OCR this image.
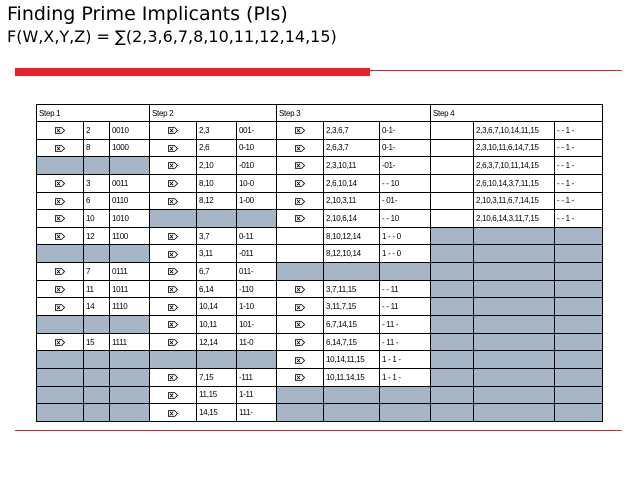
Finding Prime Implicants (PIs)
F(W,X,Y,Z) = ∑(2,3,6,7,8,10,11,12,14,15)
Step 1			Step 2			Step 3			Step 4		
	2	0010		2,3	001-		2,3,6,7	0-1-		2,3,6,7,10,14,11,15	- - 1 -
	8	1000		2,6	0-10		2,6,3,7	0-1-		2,3,10,11,6,14,7,15	- - 1 -
				2,10	-010		2,3,10,11	-01-		2,6,3,7,10,11,14,15	- - 1 -
	3	0011		8,10	10-0		2,6,10,14	- - 10		2,6,10,14,3,7,11,15	- - 1 -
	6	0110		8,12	1-00		2,10,3,11	- 01-		2,10,3,11,6,7,14,15	- - 1 -
	10	1010					2,10,6,14	- - 10		2,10,6,14,3,11,7,15	- - 1 -
	12	1100		3,7	0-11		8,10,12,14	1 - - 0			
				3,11	-011		8,12,10,14	1 - - 0			
	7	0111		6,7	011-						
	11	1011		6,14	-110		3,7,11,15	- - 11			
	14	1110		10,14	1-10		3,11,7,15	- - 11			
				10,11	101-		6,7,14,15	- 11 -			
	15	1111		12,14	11-0		6,14,7,15	- 11 -			
							10,14,11,15	1 - 1 -			
				7,15	-111		10,11,14,15	1 - 1 -			
				11,15	1-11						
				14,15	111-						
